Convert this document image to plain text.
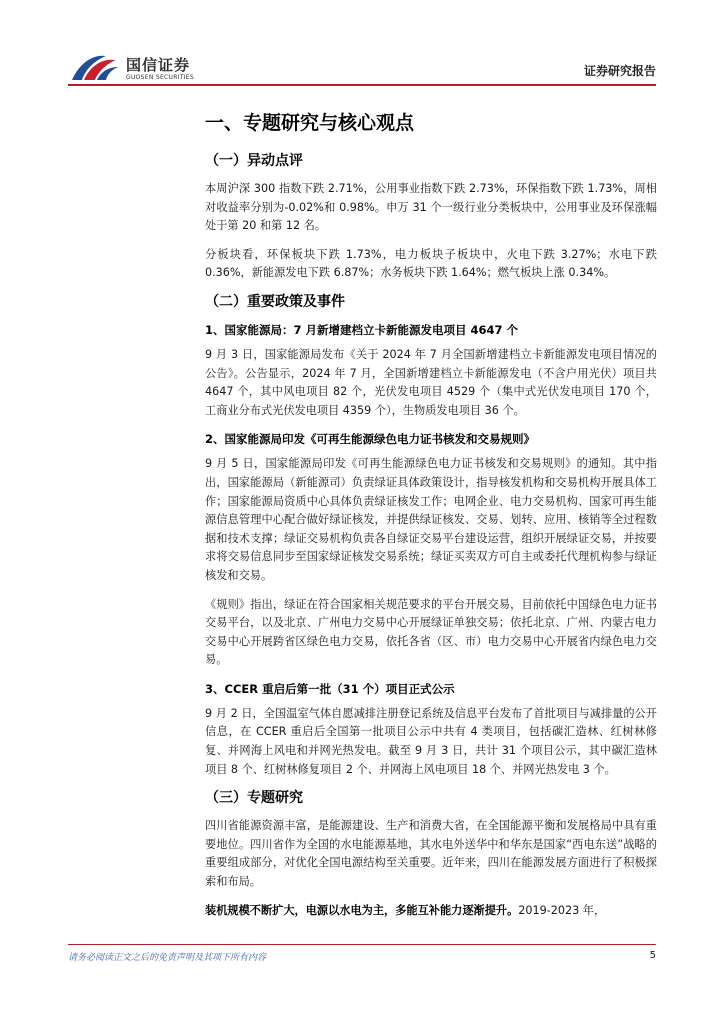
国信证券
GUOSEN SECURITIES	证券研究报告
一、专题研究与核心观点
（一）异动点评

本周沪深 300 指数下跌 2.71%，公用事业指数下跌 2.73%，环保指数下跌 1.73%，周相对收益率分别为-0.02%和 0.98%。申万 31 个一级行业分类板块中，公用事业及环保涨幅处于第 20 和第 12 名。

分板块看，环保板块下跌 1.73%，电力板块子板块中，火电下跌 3.27%；水电下跌 0.36%，新能源发电下跌 6.87%；水务板块下跌 1.64%；燃气板块上涨 0.34%。

（二）重要政策及事件
1、国家能源局：7 月新增建档立卡新能源发电项目 4647 个

9 月 3 日，国家能源局发布《关于 2024 年 7 月全国新增建档立卡新能源发电项目情况的公告》。公告显示，2024 年 7 月，全国新增建档立卡新能源发电（不含户用光伏）项目共 4647 个，其中风电项目 82 个，光伏发电项目 4529 个（集中式光伏发电项目 170 个，工商业分布式光伏发电项目 4359 个），生物质发电项目 36 个。

2、国家能源局印发《可再生能源绿色电力证书核发和交易规则》

9 月 5 日，国家能源局印发《可再生能源绿色电力证书核发和交易规则》的通知。其中指出，国家能源局（新能源司）负责绿证具体政策设计，指导核发机构和交易机构开展具体工作；国家能源局资质中心具体负责绿证核发工作；电网企业、电力交易机构、国家可再生能源信息管理中心配合做好绿证核发，并提供绿证核发、交易、划转、应用、核销等全过程数据和技术支撑；绿证交易机构负责各自绿证交易平台建设运营，组织开展绿证交易，并按要求将交易信息同步至国家绿证核发交易系统；绿证买卖双方可自主或委托代理机构参与绿证核发和交易。

《规则》指出，绿证在符合国家相关规范要求的平台开展交易，目前依托中国绿色电力证书交易平台，以及北京、广州电力交易中心开展绿证单独交易；依托北京、广州、内蒙古电力交易中心开展跨省区绿色电力交易，依托各省（区、市）电力交易中心开展省内绿色电力交易。

3、CCER 重启后第一批（31 个）项目正式公示

9 月 2 日，全国温室气体自愿减排注册登记系统及信息平台发布了首批项目与减排量的公开信息，在 CCER 重启后全国第一批项目公示中共有 4 类项目，包括碳汇造林、红树林修复、并网海上风电和并网光热发电。截至 9 月 3 日，共计 31 个项目公示，其中碳汇造林项目 8 个、红树林修复项目 2 个、并网海上风电项目 18 个、并网光热发电 3 个。

（三）专题研究

四川省能源资源丰富，是能源建设、生产和消费大省，在全国能源平衡和发展格局中具有重要地位。四川省作为全国的水电能源基地，其水电外送华中和华东是国家“西电东送”战略的重要组成部分，对优化全国电源结构至关重要。近年来，四川在能源发展方面进行了积极探索和布局。

装机规模不断扩大，电源以水电为主，多能互补能力逐渐提升。2019-2023 年，

请务必阅读正文之后的免责声明及其项下所有内容	5
